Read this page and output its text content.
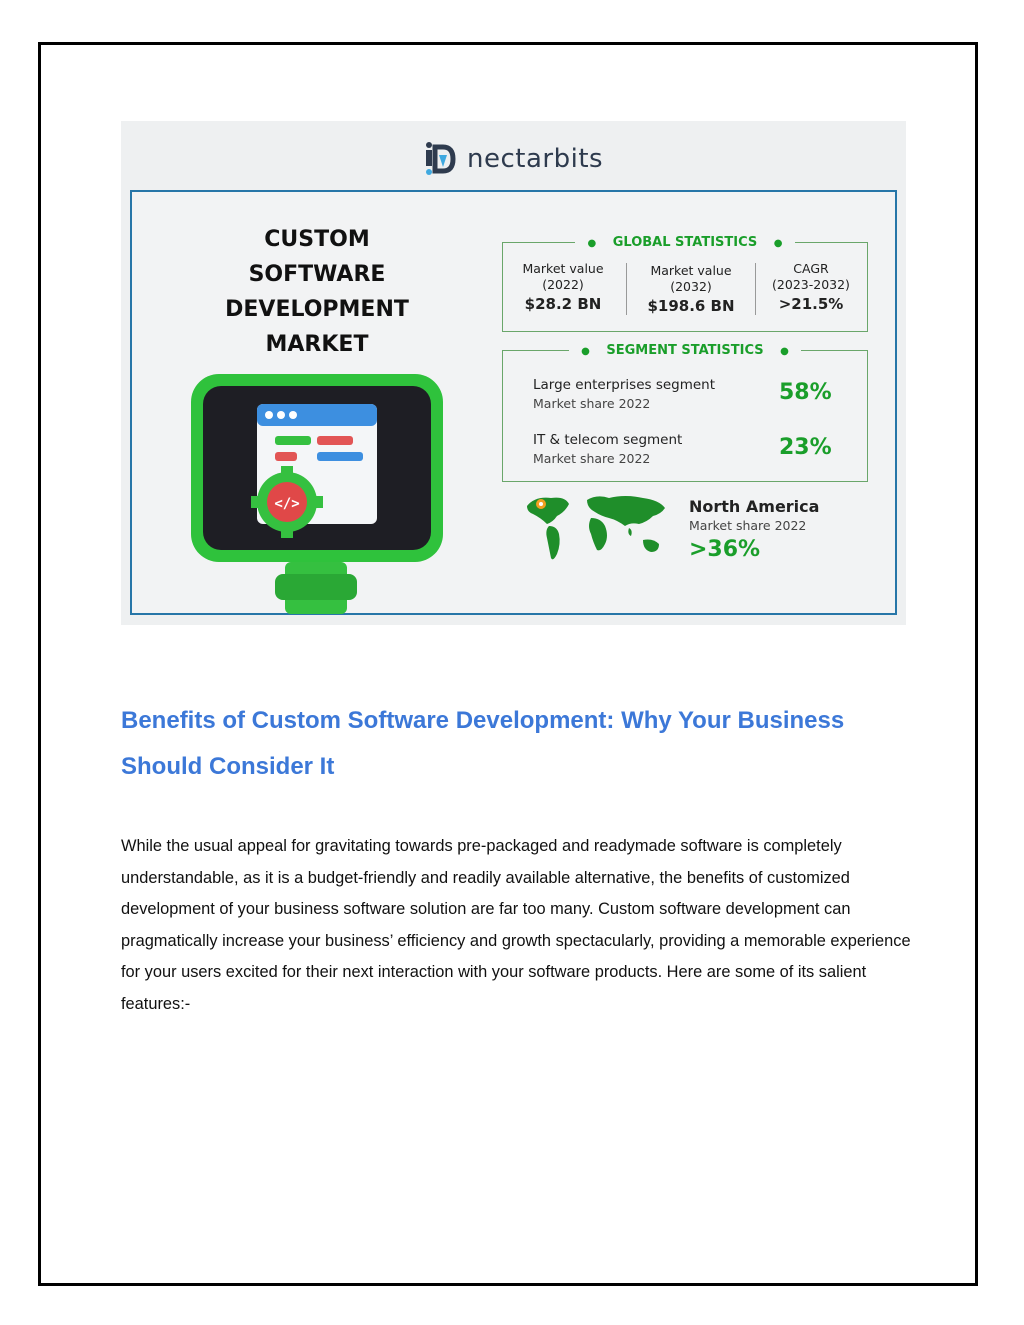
nectarbits
CUSTOM
SOFTWARE
DEVELOPMENT
MARKET
</>
● GLOBAL STATISTICS ●
Market value
(2022)
$28.2 BN
Market value
(2032)
$198.6 BN
CAGR
(2023-2032)
>21.5%
● SEGMENT STATISTICS ●
Large enterprises segment
Market share 2022	58%
IT & telecom segment
Market share 2022	23%
North America
Market share 2022
>36%
Benefits of Custom Software Development: Why Your Business Should Consider It

While the usual appeal for gravitating towards pre-packaged and readymade software is completely understandable, as it is a budget-friendly and readily available alternative, the benefits of customized development of your business software solution are far too many. Custom software development can pragmatically increase your business’ efficiency and growth spectacularly, providing a memorable experience for your users excited for their next interaction with your software products. Here are some of its salient features:-
